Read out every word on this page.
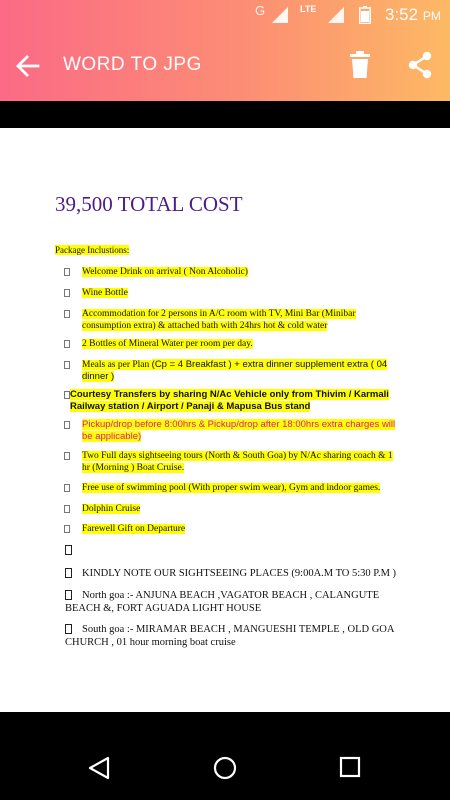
G	LTE	3:52 PM
WORD TO JPG
39,500 TOTAL COST
Package Inclustions:
Welcome Drink on arrival ( Non Alcoholic)
Wine Bottle
Accommodation for 2 persons in A/C room with TV, Mini Bar (Minibar consumption extra) & attached bath with 24hrs hot & cold water
2 Bottles of Mineral Water per room per day.
Meals as per Plan (Cp = 4 Breakfast ) + extra dinner supplement extra ( 04 dinner )
Courtesy Transfers by sharing N/Ac Vehicle only from Thivim / Karmali Railway station / Airport / Panaji & Mapusa Bus stand
Pickup/drop before 8:00hrs & Pickup/drop after 18:00hrs extra charges will be applicable)
Two Full days sightseeing tours (North & South Goa) by N/Ac sharing coach & 1 hr (Morning ) Boat Cruise.
Free use of swimming pool (With proper swim wear), Gym and indoor games.
Dolphin Cruise
Farewell Gift on Departure
KINDLY NOTE OUR SIGHTSEEING PLACES (9:00A.M TO 5:30 P.M )
North goa :- ANJUNA BEACH ,VAGATOR BEACH , CALANGUTE BEACH &, FORT AGUADA LIGHT HOUSE
South goa :- MIRAMAR BEACH , MANGUESHI TEMPLE , OLD GOA CHURCH , 01 hour morning boat cruise
